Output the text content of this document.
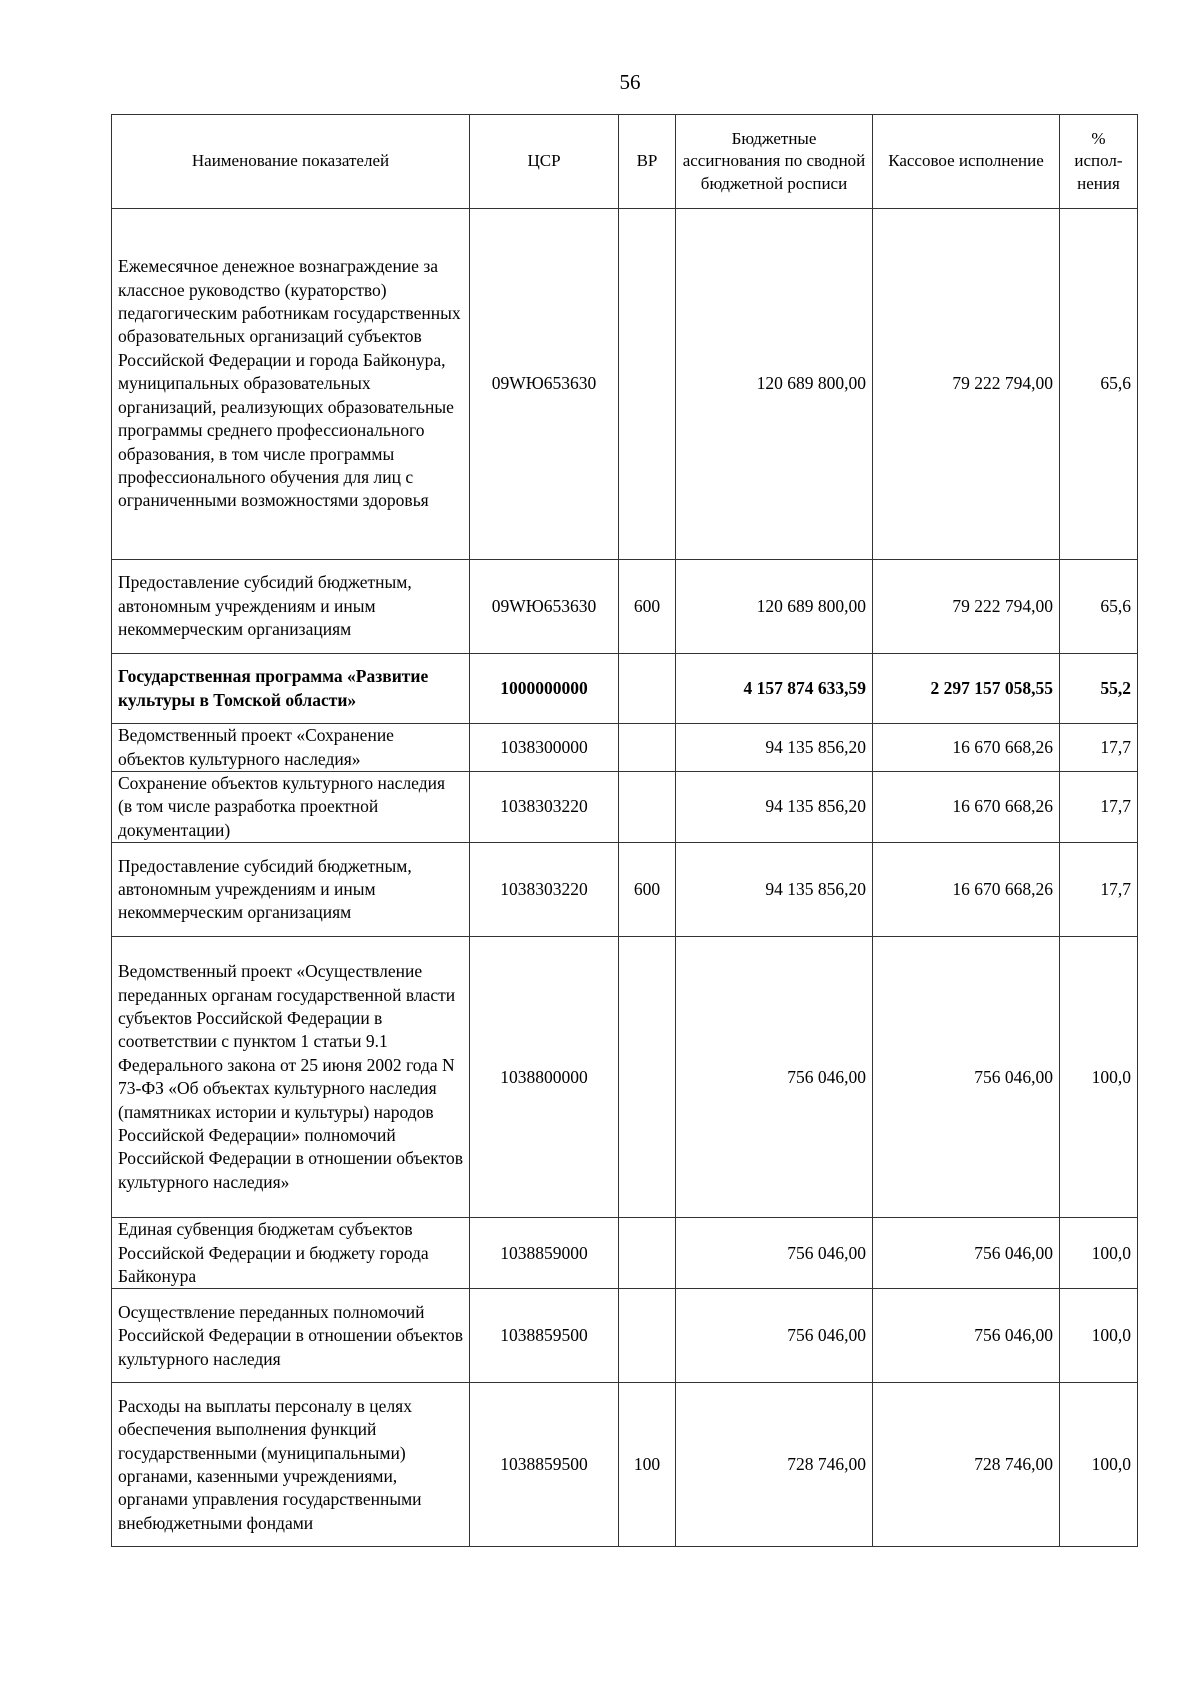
56
Наименование показателей	ЦСР	ВР	Бюджетные ассигнования по сводной бюджетной росписи	Кассовое исполнение	% испол-нения
Ежемесячное денежное вознаграждение за классное руководство (кураторство) педагогическим работникам государственных образовательных организаций субъектов Российской Федерации и города Байконура, муниципальных образовательных организаций, реализующих образовательные программы среднего профессионального образования, в том числе программы профессионального обучения для лиц с ограниченными возможностями здоровья	09WЮ653630		120 689 800,00	79 222 794,00	65,6
Предоставление субсидий бюджетным, автономным учреждениям и иным некоммерческим организациям	09WЮ653630	600	120 689 800,00	79 222 794,00	65,6
Государственная программа «Развитие культуры в Томской области»	1000000000		4 157 874 633,59	2 297 157 058,55	55,2
Ведомственный проект «Сохранение объектов культурного наследия»	1038300000		94 135 856,20	16 670 668,26	17,7
Сохранение объектов культурного наследия (в том числе разработка проектной документации)	1038303220		94 135 856,20	16 670 668,26	17,7
Предоставление субсидий бюджетным, автономным учреждениям и иным некоммерческим организациям	1038303220	600	94 135 856,20	16 670 668,26	17,7
Ведомственный проект «Осуществление переданных органам государственной власти субъектов Российской Федерации в соответствии с пунктом 1 статьи 9.1 Федерального закона от 25 июня 2002 года N 73-ФЗ «Об объектах культурного наследия (памятниках истории и культуры) народов Российской Федерации» полномочий Российской Федерации в отношении объектов культурного наследия»	1038800000		756 046,00	756 046,00	100,0
Единая субвенция бюджетам субъектов Российской Федерации и бюджету города Байконура	1038859000		756 046,00	756 046,00	100,0
Осуществление переданных полномочий Российской Федерации в отношении объектов культурного наследия	1038859500		756 046,00	756 046,00	100,0
Расходы на выплаты персоналу в целях обеспечения выполнения функций государственными (муниципальными) органами, казенными учреждениями, органами управления государственными внебюджетными фондами	1038859500	100	728 746,00	728 746,00	100,0
